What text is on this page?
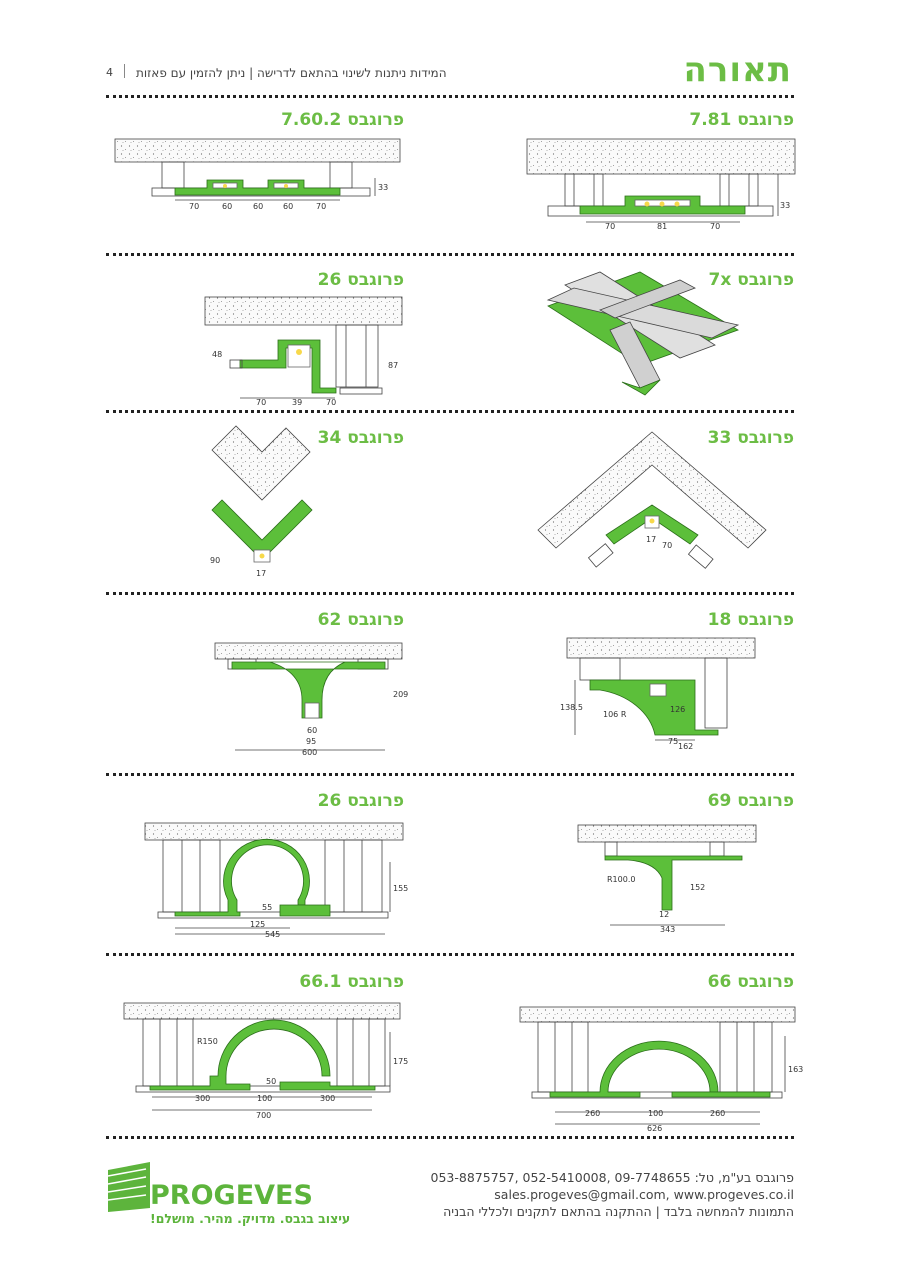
תאורה
המידות ניתנות לשינוי בהתאם לדרישה | ניתן להזמין עם פאזות
4
פרוגבס 7.81
פרוגבס 7.60.2
פרוגבס 7x
פרוגבס 26
פרוגבס 33
פרוגבס 34
פרוגבס 18
פרוגבס 62
פרוגבס 69
פרוגבס 26
פרוגבס 66
פרוגבס 66.1
70	81	70
33
70	60	60 60	70
33
48
87
70	39	70
17
70
90
17
138.5
106 R
126
75
162
209
60
95
600
R100.0
152
12
343
155
55
125
545
163
260	100	260
626
R150
175
50
300	100	300
700
PROGEVES
עיצוב בגבס. מדויק. מהיר. מושלם!
פרוגבס בע"מ, טל: 09-7748655 ,052-5410008 ,053-8875757
sales.progeves@gmail.com, www.progeves.co.il
התמונות להמחשה בלבד | ההתקנה בהתאם לתקנים ולכללי הבניה
